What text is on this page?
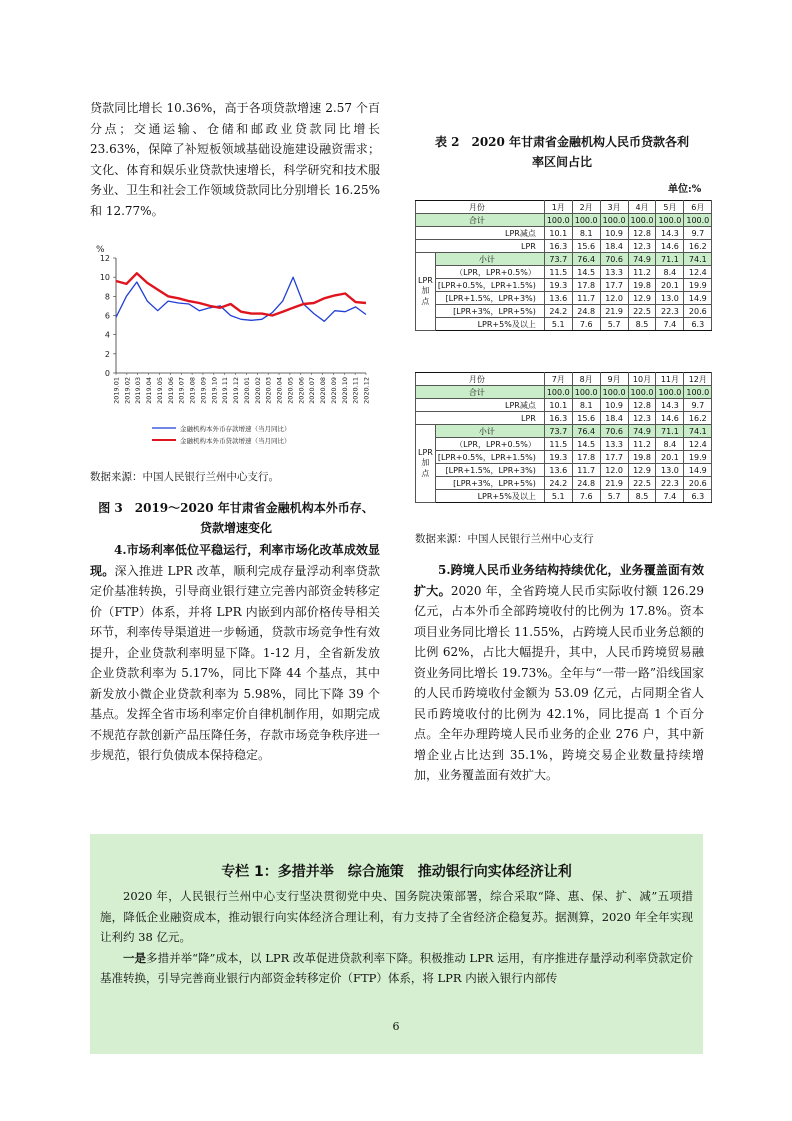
贷款同比增长 10.36%，高于各项贷款增速 2.57 个百分点；交通运输、仓储和邮政业贷款同比增长 23.63%，保障了补短板领域基础设施建设融资需求；文化、体育和娱乐业贷款快速增长，科学研究和技术服务业、卫生和社会工作领域贷款同比分别增长 16.25%和 12.77%。
%
0
2
4
6
8
10
12
2019.01 2019.02 2019.03 2019.04 2019.05 2019.06 2019.07 2019.08 2019.09 2019.10 2019.11 2019.12 2020.01 2020.02 2020.03 2020.04 2020.05 2020.06 2020.07 2020.08 2020.09 2020.10 2020.11 2020.12
金融机构本外币存款增速（当月同比）
金融机构本外币贷款增速（当月同比）
数据来源：中国人民银行兰州中心支行。
图 3　2019～2020 年甘肃省金融机构本外币存、
贷款增速变化
4.市场利率低位平稳运行，利率市场化改革成效显现。深入推进 LPR 改革，顺利完成存量浮动利率贷款定价基准转换，引导商业银行建立完善内部资金转移定价（FTP）体系，并将 LPR 内嵌到内部价格传导相关环节，利率传导渠道进一步畅通，贷款市场竞争性有效提升，企业贷款利率明显下降。1-12 月，全省新发放企业贷款利率为 5.17%，同比下降 44 个基点，其中新发放小微企业贷款利率为 5.98%，同比下降 39 个基点。发挥全省市场利率定价自律机制作用，如期完成不规范存款创新产品压降任务，存款市场竞争秩序进一步规范，银行负债成本保持稳定。
表 2　2020 年甘肃省金融机构人民币贷款各利
率区间占比
单位:%
月份		1月	2月	3月	4月	5月	6月
合计		100.0	100.0	100.0	100.0	100.0	100.0
LPR减点		10.1	8.1	10.9	12.8	14.3	9.7
LPR		16.3	15.6	18.4	12.3	14.6	16.2
LPR
加点	小计	73.7	76.4	70.6	74.9	71.1	74.1
	（LPR，LPR+0.5%）	11.5	14.5	13.3	11.2	8.4	12.4
	[LPR+0.5%，LPR+1.5%)	19.3	17.8	17.7	19.8	20.1	19.9
	[LPR+1.5%，LPR+3%)	13.6	11.7	12.0	12.9	13.0	14.9
	[LPR+3%，LPR+5%)	24.2	24.8	21.9	22.5	22.3	20.6
	LPR+5%及以上	5.1	7.6	5.7	8.5	7.4	6.3
月份		7月	8月	9月	10月	11月	12月
合计		100.0	100.0	100.0	100.0	100.0	100.0
LPR减点		10.1	8.1	10.9	12.8	14.3	9.7
LPR		16.3	15.6	18.4	12.3	14.6	16.2
LPR
加点	小计	73.7	76.4	70.6	74.9	71.1	74.1
	（LPR，LPR+0.5%）	11.5	14.5	13.3	11.2	8.4	12.4
	[LPR+0.5%，LPR+1.5%)	19.3	17.8	17.7	19.8	20.1	19.9
	[LPR+1.5%，LPR+3%)	13.6	11.7	12.0	12.9	13.0	14.9
	[LPR+3%，LPR+5%)	24.2	24.8	21.9	22.5	22.3	20.6
	LPR+5%及以上	5.1	7.6	5.7	8.5	7.4	6.3
数据来源：中国人民银行兰州中心支行
5.跨境人民币业务结构持续优化，业务覆盖面有效扩大。2020 年，全省跨境人民币实际收付额 126.29 亿元，占本外币全部跨境收付的比例为 17.8%。资本项目业务同比增长 11.55%，占跨境人民币业务总额的比例 62%，占比大幅提升，其中，人民币跨境贸易融资业务同比增长 19.73%。全年与“一带一路”沿线国家的人民币跨境收付金额为 53.09 亿元，占同期全省人民币跨境收付的比例为 42.1%，同比提高 1 个百分点。全年办理跨境人民币业务的企业 276 户，其中新增企业占比达到 35.1%，跨境交易企业数量持续增加，业务覆盖面有效扩大。
专栏 1：多措并举　综合施策　推动银行向实体经济让利
2020 年，人民银行兰州中心支行坚决贯彻党中央、国务院决策部署，综合采取“降、惠、保、扩、减”五项措施，降低企业融资成本，推动银行向实体经济合理让利，有力支持了全省经济企稳复苏。据测算，2020 年全年实现让利约 38 亿元。
一是多措并举“降”成本，以 LPR 改革促进贷款利率下降。积极推动 LPR 运用，有序推进存量浮动利率贷款定价基准转换，引导完善商业银行内部资金转移定价（FTP）体系，将 LPR 内嵌入银行内部传
6
